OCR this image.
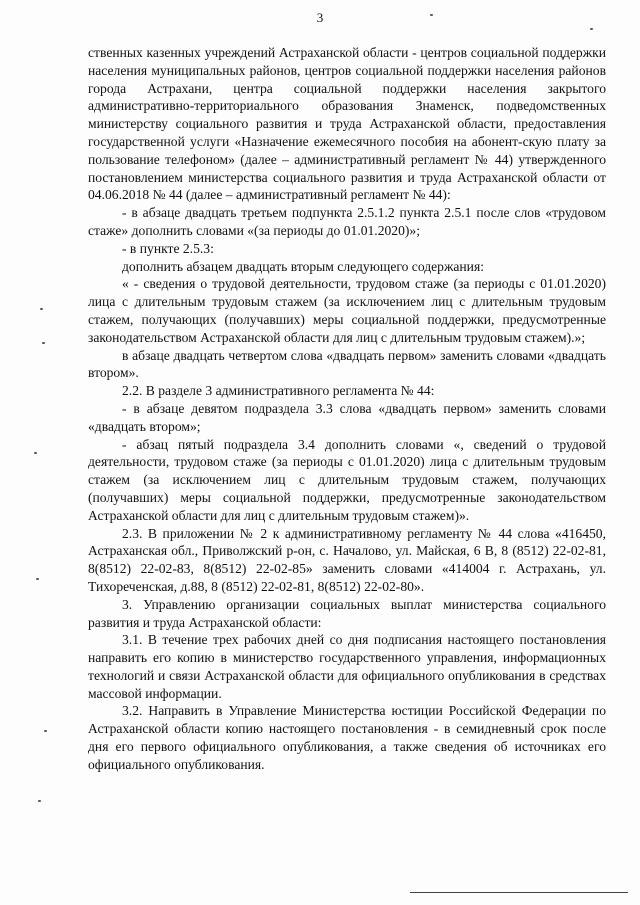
3

ственных казенных учреждений Астраханской области - центров социальной поддержки населения муниципальных районов, центров социальной поддержки населения районов города Астрахани, центра социальной поддержки населения закрытого административно-территориального образования Знаменск, подведомственных министерству социального развития и труда Астраханской области, предоставления государственной услуги «Назначение ежемесячного пособия на абонент-скую плату за пользование телефоном» (далее – административный регламент № 44) утвержденного постановлением министерства социального развития и труда Астраханской области от 04.06.2018 № 44 (далее – административный регламент № 44):

- в абзаце двадцать третьем подпункта 2.5.1.2 пункта 2.5.1 после слов «трудовом стаже» дополнить словами «(за периоды до 01.01.2020)»;

- в пункте 2.5.3:

дополнить абзацем двадцать вторым следующего содержания:

« - сведения о трудовой деятельности, трудовом стаже (за периоды с 01.01.2020) лица с длительным трудовым стажем (за исключением лиц с длительным трудовым стажем, получающих (получавших) меры социальной поддержки, предусмотренные законодательством Астраханской области для лиц с длительным трудовым стажем).»;

в абзаце двадцать четвертом слова «двадцать первом» заменить словами «двадцать втором».

2.2. В разделе 3 административного регламента № 44:

- в абзаце девятом подраздела 3.3 слова «двадцать первом» заменить словами «двадцать втором»;

- абзац пятый подраздела 3.4 дополнить словами «, сведений о трудовой деятельности, трудовом стаже (за периоды с 01.01.2020) лица с длительным трудовым стажем (за исключением лиц с длительным трудовым стажем, получающих (получавших) меры социальной поддержки, предусмотренные законодательством Астраханской области для лиц с длительным трудовым стажем)».

2.3. В приложении № 2 к административному регламенту № 44 слова «416450, Астраханская обл., Приволжский р-он, с. Началово, ул. Майская, 6 В, 8 (8512) 22-02-81, 8(8512) 22-02-83, 8(8512) 22-02-85» заменить словами «414004 г. Астрахань, ул. Тихореченская, д.88, 8 (8512) 22-02-81, 8(8512) 22-02-80».

3. Управлению организации социальных выплат министерства социального развития и труда Астраханской области:

3.1. В течение трех рабочих дней со дня подписания настоящего постановления направить его копию в министерство государственного управления, информационных технологий и связи Астраханской области для официального опубликования в средствах массовой информации.

3.2. Направить в Управление Министерства юстиции Российской Федерации по Астраханской области копию настоящего постановления - в семидневный срок после дня его первого официального опубликования, а также сведения об источниках его официального опубликования.
